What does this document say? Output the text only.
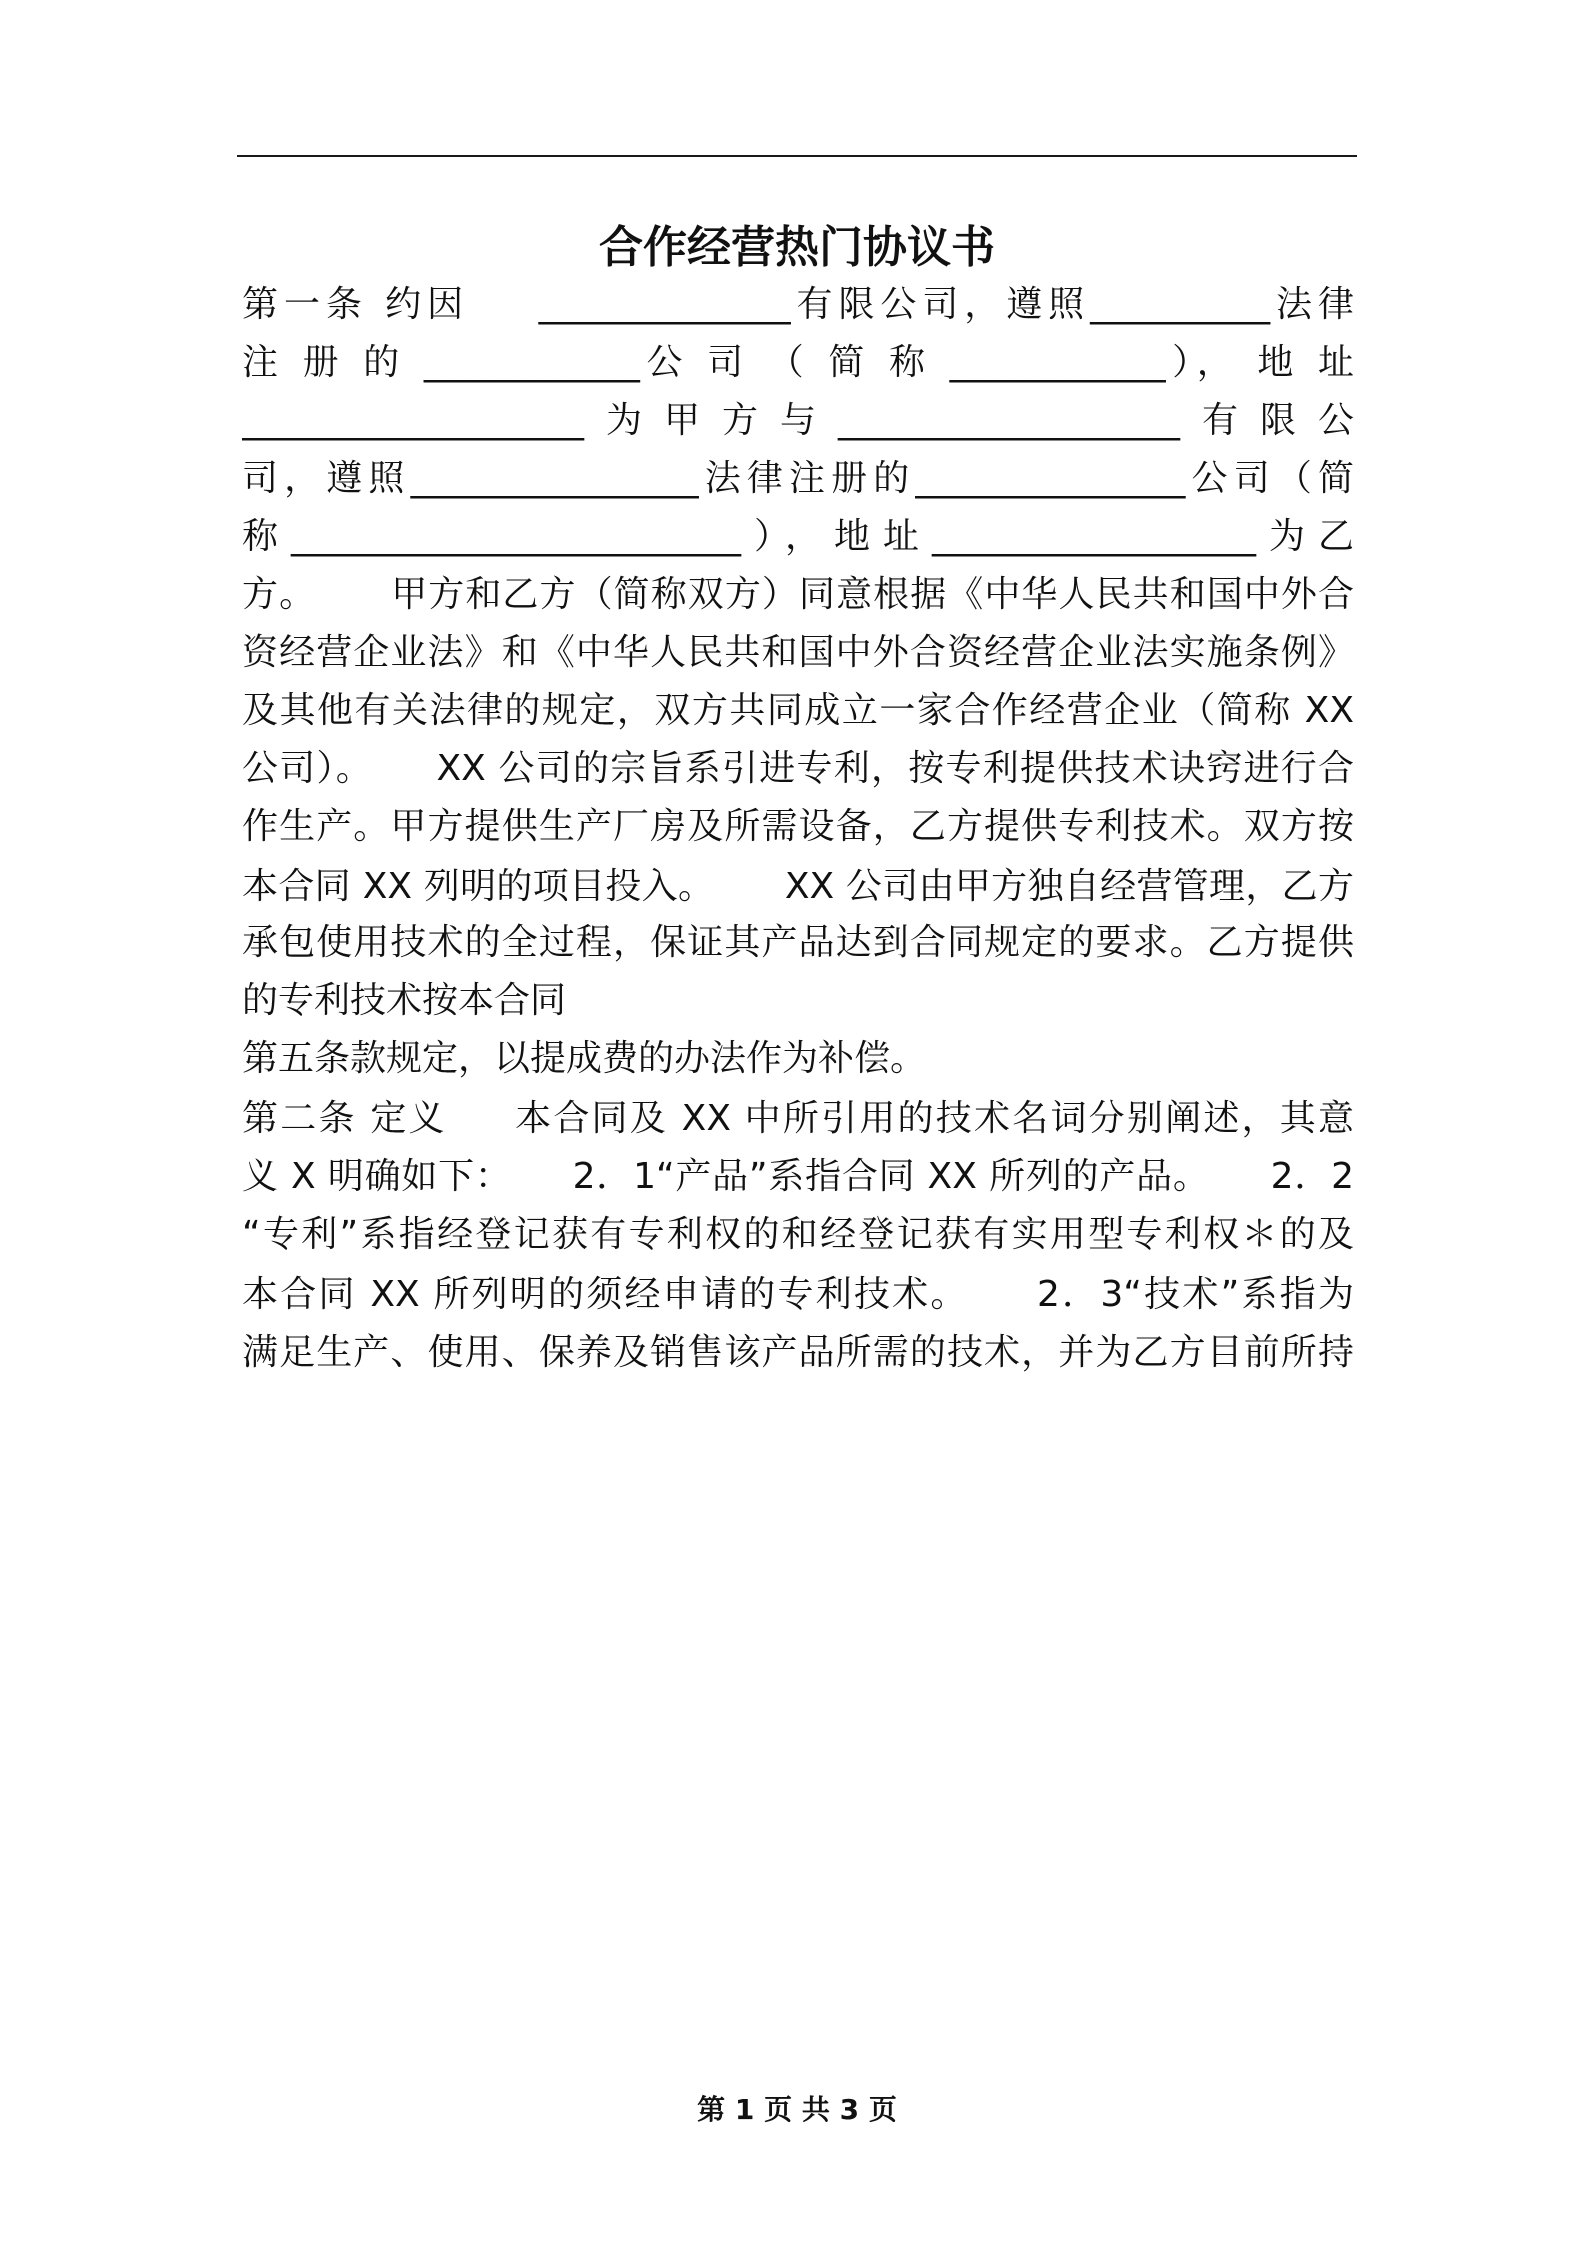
合作经营热门协议书
第一条 约因    ______________有限公司，遵照__________法律
注 册 的 ____________公 司 （ 简 称 ____________）， 地 址
___________________为甲方与___________________有限公
司，遵照________________法律注册的_______________公司（简
称_________________________），地址__________________为乙
方。      甲方和乙方（简称双方）同意根据《中华人民共和国中外合
资经营企业法》和《中华人民共和国中外合资经营企业法实施条例》
及其他有关法律的规定，双方共同成立一家合作经营企业（简称 XX
公司）。     XX 公司的宗旨系引进专利，按专利提供技术诀窍进行合
作生产。甲方提供生产厂房及所需设备，乙方提供专利技术。双方按
本合同 XX 列明的项目投入。      XX 公司由甲方独自经营管理，乙方
承包使用技术的全过程，保证其产品达到合同规定的要求。乙方提供
的专利技术按本合同
第五条款规定，以提成费的办法作为补偿。
第二条 定义     本合同及 XX 中所引用的技术名词分别阐述，其意
义 X 明确如下：     2．1“产品”系指合同 XX 所列的产品。     2．2
“专利”系指经登记获有专利权的和经登记获有实用型专利权＊的及
本合同 XX 所列明的须经申请的专利技术。     2．3“技术”系指为
满足生产、使用、保养及销售该产品所需的技术，并为乙方目前所持
第 1 页 共 3 页
